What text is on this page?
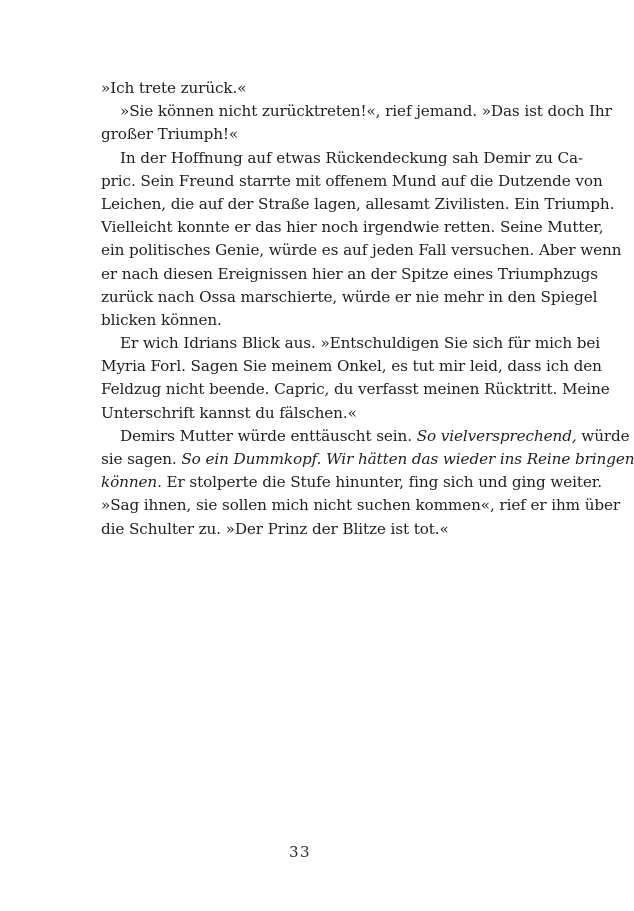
»Ich trete zurück.«
»Sie können nicht zurücktreten!«, rief jemand. »Das ist doch Ihr
großer Triumph!«
In der Hoffnung auf etwas Rückendeckung sah Demir zu Ca-
pric. Sein Freund starrte mit offenem Mund auf die Dutzende von
Leichen, die auf der Straße lagen, allesamt Zivilisten. Ein Triumph.
Vielleicht konnte er das hier noch irgendwie retten. Seine Mutter,
ein politisches Genie, würde es auf jeden Fall versuchen. Aber wenn
er nach diesen Ereignissen hier an der Spitze eines Triumphzugs
zurück nach Ossa marschierte, würde er nie mehr in den Spiegel
blicken können.
Er wich Idrians Blick aus. »Entschuldigen Sie sich für mich bei
Myria Forl. Sagen Sie meinem Onkel, es tut mir leid, dass ich den
Feldzug nicht beende. Capric, du verfasst meinen Rücktritt. Meine
Unterschrift kannst du fälschen.«
Demirs Mutter würde enttäuscht sein. So vielversprechend, würde
sie sagen. So ein Dummkopf. Wir hätten das wieder ins Reine bringen
können. Er stolperte die Stufe hinunter, fing sich und ging weiter.
»Sag ihnen, sie sollen mich nicht suchen kommen«, rief er ihm über
die Schulter zu. »Der Prinz der Blitze ist tot.«
33
